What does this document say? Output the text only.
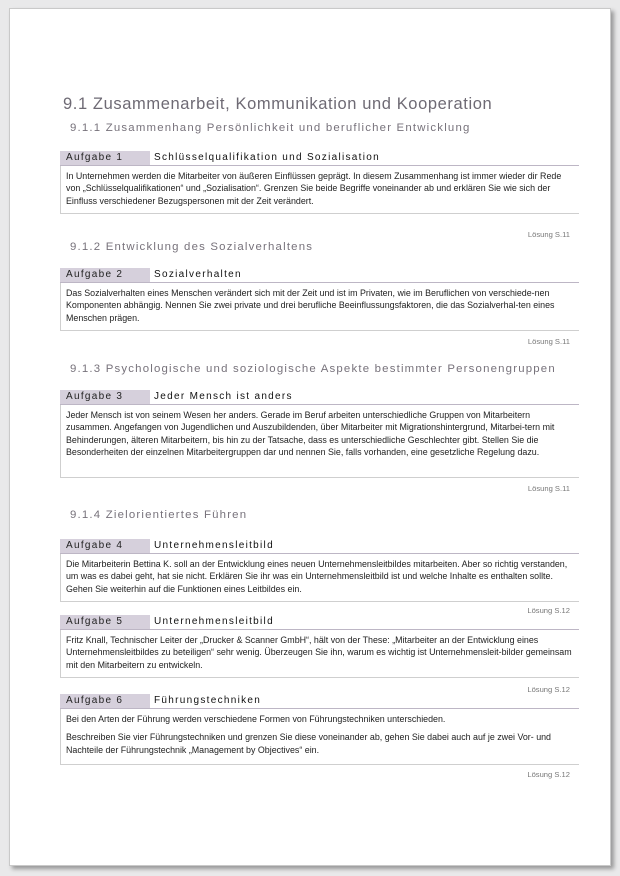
9.1 Zusammenarbeit, Kommunikation und Kooperation
9.1.1 Zusammenhang Persönlichkeit und beruflicher Entwicklung
Aufgabe 1	Schlüsselqualifikation und Sozialisation

In Unternehmen werden die Mitarbeiter von äußeren Einflüssen geprägt. In diesem Zusammenhang ist immer wieder dir Rede von „Schlüsselqualifikationen“ und „Sozialisation“. Grenzen Sie beide Begriffe voneinander ab und erklären Sie wie sich der Einfluss verschiedener Bezugspersonen mit der Zeit verändert.

Lösung S.11
9.1.2 Entwicklung des Sozialverhaltens
Aufgabe 2	Sozialverhalten

Das Sozialverhalten eines Menschen verändert sich mit der Zeit und ist im Privaten, wie im Beruflichen von verschiede-nen Komponenten abhängig. Nennen Sie zwei private und drei berufliche Beeinflussungsfaktoren, die das Sozialverhal-ten eines Menschen prägen.

Lösung S.11
9.1.3 Psychologische und soziologische Aspekte bestimmter Personengruppen
Aufgabe 3	Jeder Mensch ist anders

Jeder Mensch ist von seinem Wesen her anders. Gerade im Beruf arbeiten unterschiedliche Gruppen von Mitarbeitern zusammen. Angefangen von Jugendlichen und Auszubildenden, über Mitarbeiter mit Migrationshintergrund, Mitarbei-tern mit Behinderungen, älteren Mitarbeitern, bis hin zu der Tatsache, dass es unterschiedliche Geschlechter gibt. Stellen Sie die Besonderheiten der einzelnen Mitarbeitergruppen dar und nennen Sie, falls vorhanden, eine gesetzliche Regelung dazu.

Lösung S.11
9.1.4 Zielorientiertes Führen
Aufgabe 4	Unternehmensleitbild

Die Mitarbeiterin Bettina K. soll an der Entwicklung eines neuen Unternehmensleitbildes mitarbeiten. Aber so richtig verstanden, um was es dabei geht, hat sie nicht. Erklären Sie ihr was ein Unternehmensleitbild ist und welche Inhalte es enthalten sollte. Gehen Sie weiterhin auf die Funktionen eines Leitbildes ein.

Lösung S.12
Aufgabe 5	Unternehmensleitbild

Fritz Knall, Technischer Leiter der „Drucker & Scanner GmbH“, hält von der These: „Mitarbeiter an der Entwicklung eines Unternehmensleitbildes zu beteiligen“ sehr wenig. Überzeugen Sie ihn, warum es wichtig ist Unternehmensleit-bilder gemeinsam mit den Mitarbeitern zu entwickeln.

Lösung S.12
Aufgabe 6	Führungstechniken

Bei den Arten der Führung werden verschiedene Formen von Führungstechniken unterschieden.

Beschreiben Sie vier Führungstechniken und grenzen Sie diese voneinander ab, gehen Sie dabei auch auf je zwei Vor- und Nachteile der Führungstechnik „Management by Objectives“ ein.

Lösung S.12
